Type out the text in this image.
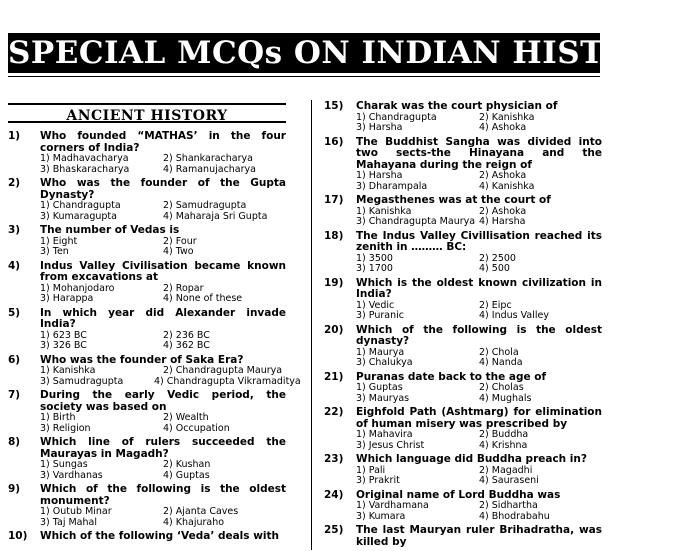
SPECIAL MCQs ON INDIAN HISTORY
ANCIENT HISTORY
1) Who founded “MATHAS’ in the four corners of India?
1) Madhavacharya	2) Shankaracharya
3) Bhaskaracharya	4) Ramanujacharya
2) Who was the founder of the Gupta Dynasty?
1) Chandragupta	2) Samudragupta
3) Kumaragupta	4) Maharaja Sri Gupta
3) The number of Vedas is
1) Eight	2) Four
3) Ten	4) Two
4) Indus Valley Civilisation became known from excavations at
1) Mohanjodaro	2) Ropar
3) Harappa	4) None of these
5) In which year did Alexander invade India?
1) 623 BC	2) 236 BC
3) 326 BC	4) 362 BC
6) Who was the founder of Saka Era?
1) Kanishka	2) Chandragupta Maurya
3) Samudragupta	4) Chandragupta Vikramaditya
7) During the early Vedic period, the society was based on
1) Birth	2) Wealth
3) Religion	4) Occupation
8) Which line of rulers succeeded the Maurayas in Magadh?
1) Sungas	2) Kushan
3) Vardhanas	4) Guptas
9) Which of the following is the oldest monument?
1) Outub Minar	2) Ajanta Caves
3) Taj Mahal	4) Khajuraho
10) Which of the following ‘Veda’ deals with
15) Charak was the court physician of
1) Chandragupta	2) Kanishka
3) Harsha	4) Ashoka
16) The Buddhist Sangha was divided into two sects-the Hinayana and the Mahayana during the reign of
1) Harsha	2) Ashoka
3) Dharampala	4) Kanishka
17) Megasthenes was at the court of
1) Kanishka	2) Ashoka
3) Chandragupta Maurya 4) Harsha
18) The Indus Valley Civillisation reached its zenith in ……… BC:
1) 3500	2) 2500
3) 1700	4) 500
19) Which is the oldest known civilization in India?
1) Vedic	2) Eipc
3) Puranic	4) Indus Valley
20) Which of the following is the oldest dynasty?
1) Maurya	2) Chola
3) Chalukya	4) Nanda
21) Puranas date back to the age of
1) Guptas	2) Cholas
3) Mauryas	4) Mughals
22) Eighfold Path (Ashtmarg) for elimination of human misery was prescribed by
1) Mahavira	2) Buddha
3) Jesus Christ	4) Krishna
23) Which language did Buddha preach in?
1) Pali	2) Magadhi
3) Prakrit	4) Sauraseni
24) Original name of Lord Buddha was
1) Vardhamana	2) Sidhartha
3) Kumara	4) Bhodrabahu
25) The last Mauryan ruler Brihadratha, was killed by
